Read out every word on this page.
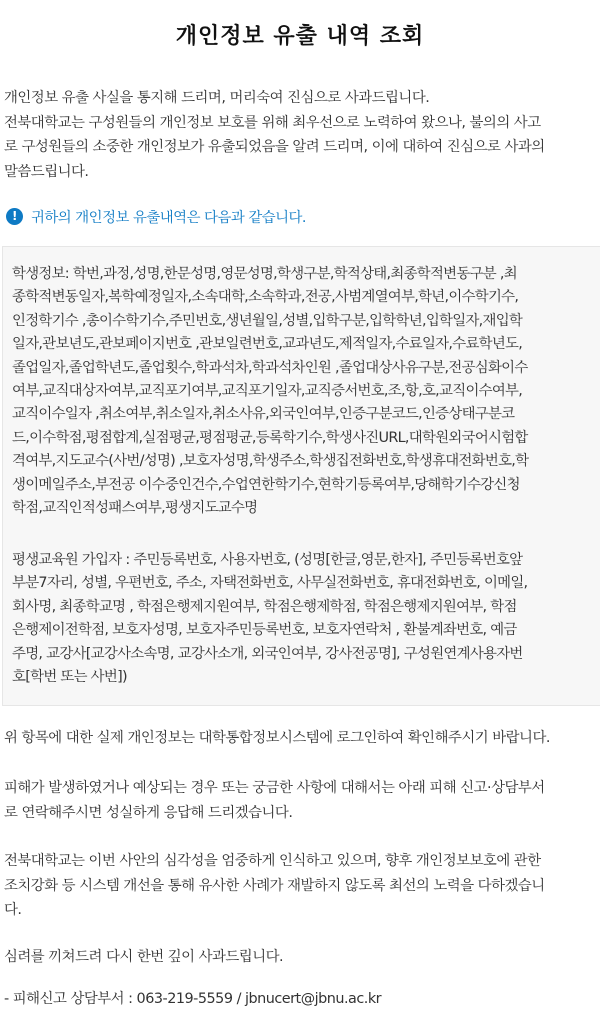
개인정보 유출 내역 조회
개인정보 유출 사실을 통지해 드리며, 머리숙여 진심으로 사과드립니다.
전북대학교는 구성원들의 개인정보 보호를 위해 최우선으로 노력하여 왔으나, 불의의 사고
로 구성원들의 소중한 개인정보가 유출되었음을 알려 드리며, 이에 대하여 진심으로 사과의
말씀드립니다.
! 귀하의 개인정보 유출내역은 다음과 같습니다.
학생정보: 학번,과정,성명,한문성명,영문성명,학생구분,학적상태,최종학적변동구분 ,최
종학적변동일자,복학예정일자,소속대학,소속학과,전공,사범계열여부,학년,이수학기수,
인정학기수 ,총이수학기수,주민번호,생년월일,성별,입학구분,입학학년,입학일자,재입학
일자,관보년도,관보페이지번호 ,관보일련번호,교과년도,제적일자,수료일자,수료학년도,
졸업일자,졸업학년도,졸업횟수,학과석차,학과석차인원 ,졸업대상사유구분,전공심화이수
여부,교직대상자여부,교직포기여부,교직포기일자,교직증서번호,조,항,호,교직이수여부,
교직이수일자 ,취소여부,취소일자,취소사유,외국인여부,인증구분코드,인증상태구분코
드,이수학점,평점합계,실점평균,평점평균,등록학기수,학생사진URL,대학원외국어시험합
격여부,지도교수(사번/성명) ,보호자성명,학생주소,학생집전화번호,학생휴대전화번호,학
생이메일주소,부전공 이수중인건수,수업연한학기수,현학기등록여부,당해학기수강신청
학점,교직인적성패스여부,평생지도교수명
평생교육원 가입자 : 주민등록번호, 사용자번호, (성명[한글,영문,한자], 주민등록번호앞
부분7자리, 성별, 우편번호, 주소, 자택전화번호, 사무실전화번호, 휴대전화번호, 이메일,
회사명, 최종학교명 , 학점은행제지원여부, 학점은행제학점, 학점은행제지원여부, 학점
은행제이전학점, 보호자성명, 보호자주민등록번호, 보호자연락처 , 환불계좌번호, 예금
주명, 교강사[교강사소속명, 교강사소개, 외국인여부, 강사전공명], 구성원연계사용자번
호[학번 또는 사번])
위 항목에 대한 실제 개인정보는 대학통합정보시스템에 로그인하여 확인해주시기 바랍니다.
피해가 발생하였거나 예상되는 경우 또는 궁금한 사항에 대해서는 아래 피해 신고·상담부서
로 연락해주시면 성실하게 응답해 드리겠습니다.
전북대학교는 이번 사안의 심각성을 엄중하게 인식하고 있으며, 향후 개인정보보호에 관한
조치강화 등 시스템 개선을 통해 유사한 사례가 재발하지 않도록 최선의 노력을 다하겠습니
다.
심려를 끼쳐드려 다시 한번 깊이 사과드립니다.
- 피해신고 상담부서 : 063-219-5559 / jbnucert@jbnu.ac.kr
